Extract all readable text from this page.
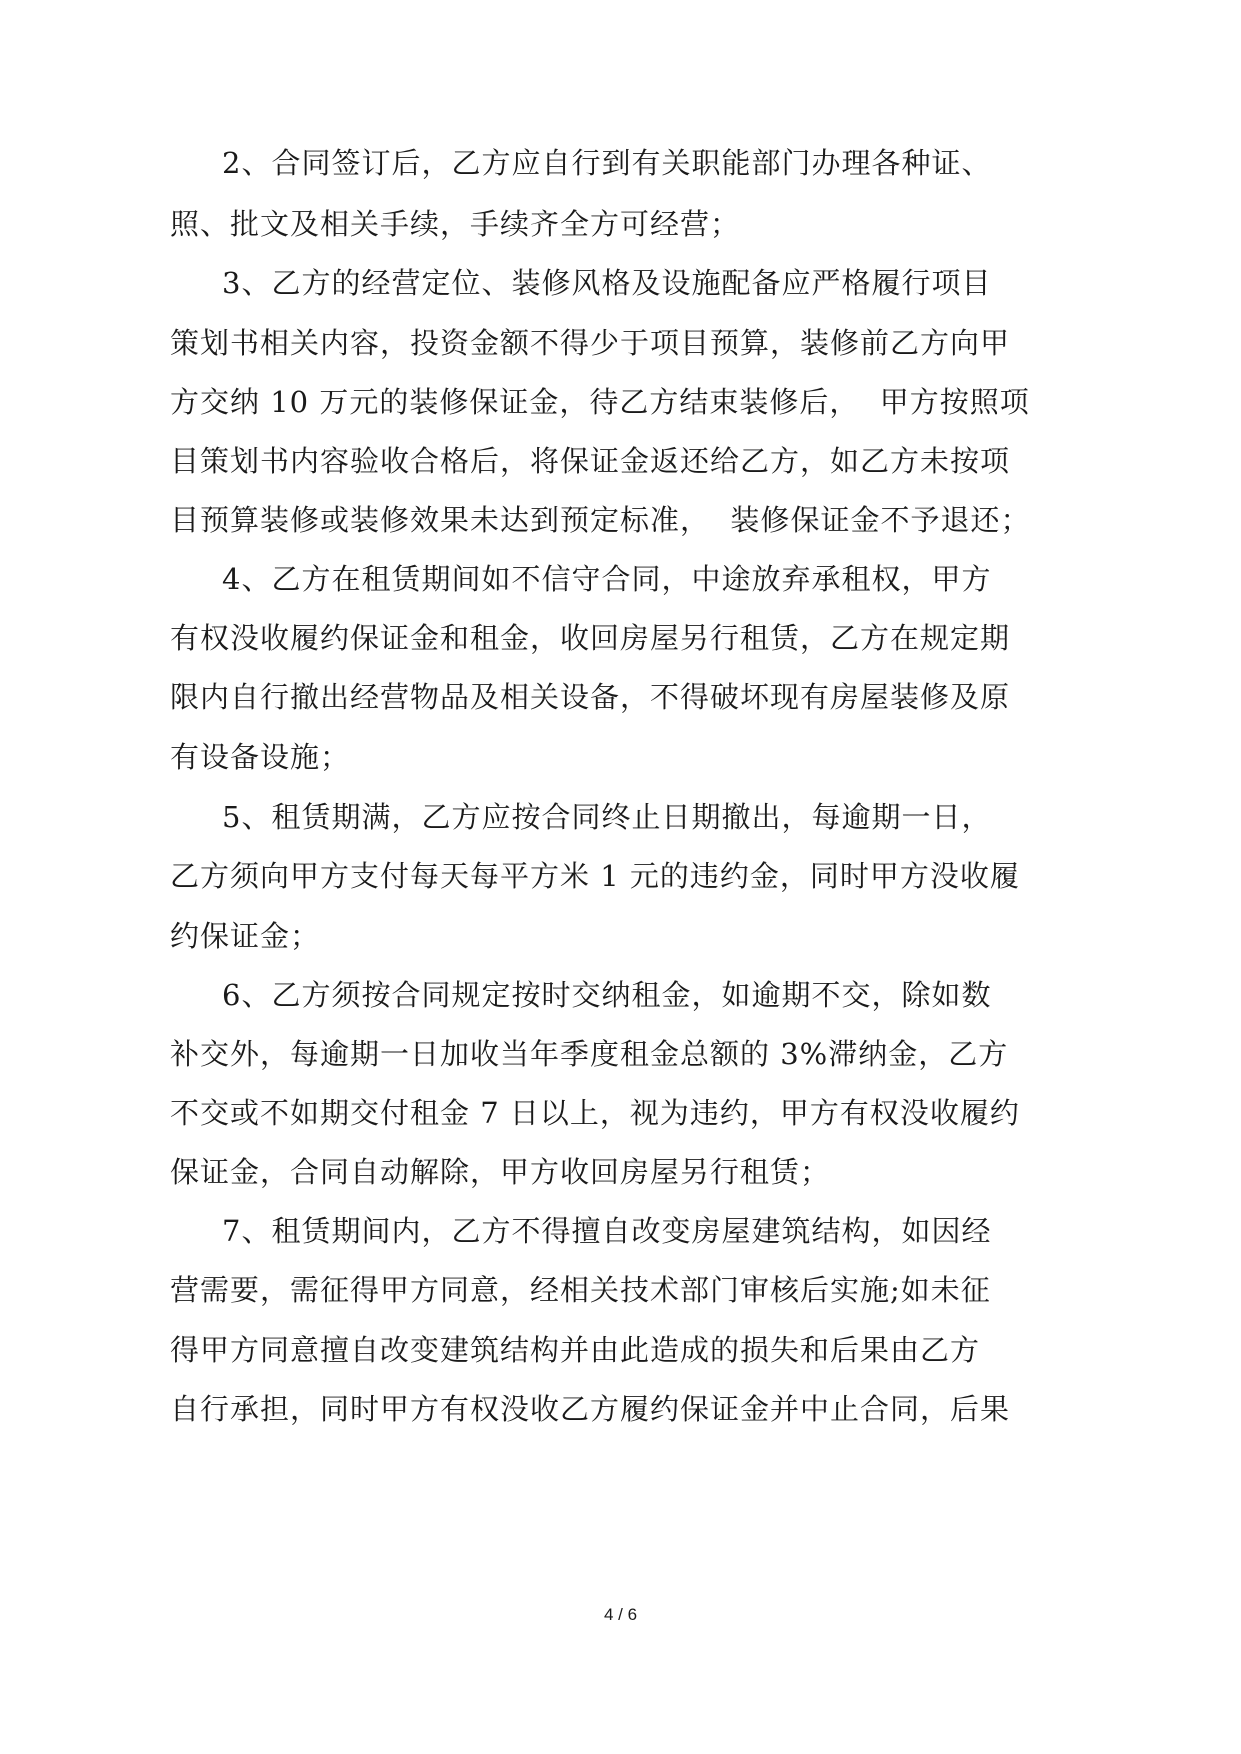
2、合同签订后，乙方应自行到有关职能部门办理各种证、
照、批文及相关手续，手续齐全方可经营；
3、乙方的经营定位、装修风格及设施配备应严格履行项目
策划书相关内容，投资金额不得少于项目预算，装修前乙方向甲
方交纳 10 万元的装修保证金，待乙方结束装修后，  甲方按照项
目策划书内容验收合格后，将保证金返还给乙方，如乙方未按项
目预算装修或装修效果未达到预定标准，  装修保证金不予退还；
4、乙方在租赁期间如不信守合同，中途放弃承租权，甲方
有权没收履约保证金和租金，收回房屋另行租赁，乙方在规定期
限内自行撤出经营物品及相关设备，不得破坏现有房屋装修及原
有设备设施；
5、租赁期满，乙方应按合同终止日期撤出，每逾期一日，
乙方须向甲方支付每天每平方米 1 元的违约金，同时甲方没收履
约保证金；
6、乙方须按合同规定按时交纳租金，如逾期不交，除如数
补交外，每逾期一日加收当年季度租金总额的 3%滞纳金，乙方
不交或不如期交付租金 7 日以上，视为违约，甲方有权没收履约
保证金，合同自动解除，甲方收回房屋另行租赁；
7、租赁期间内，乙方不得擅自改变房屋建筑结构，如因经
营需要，需征得甲方同意，经相关技术部门审核后实施;如未征
得甲方同意擅自改变建筑结构并由此造成的损失和后果由乙方
自行承担，同时甲方有权没收乙方履约保证金并中止合同，后果
4 / 6
